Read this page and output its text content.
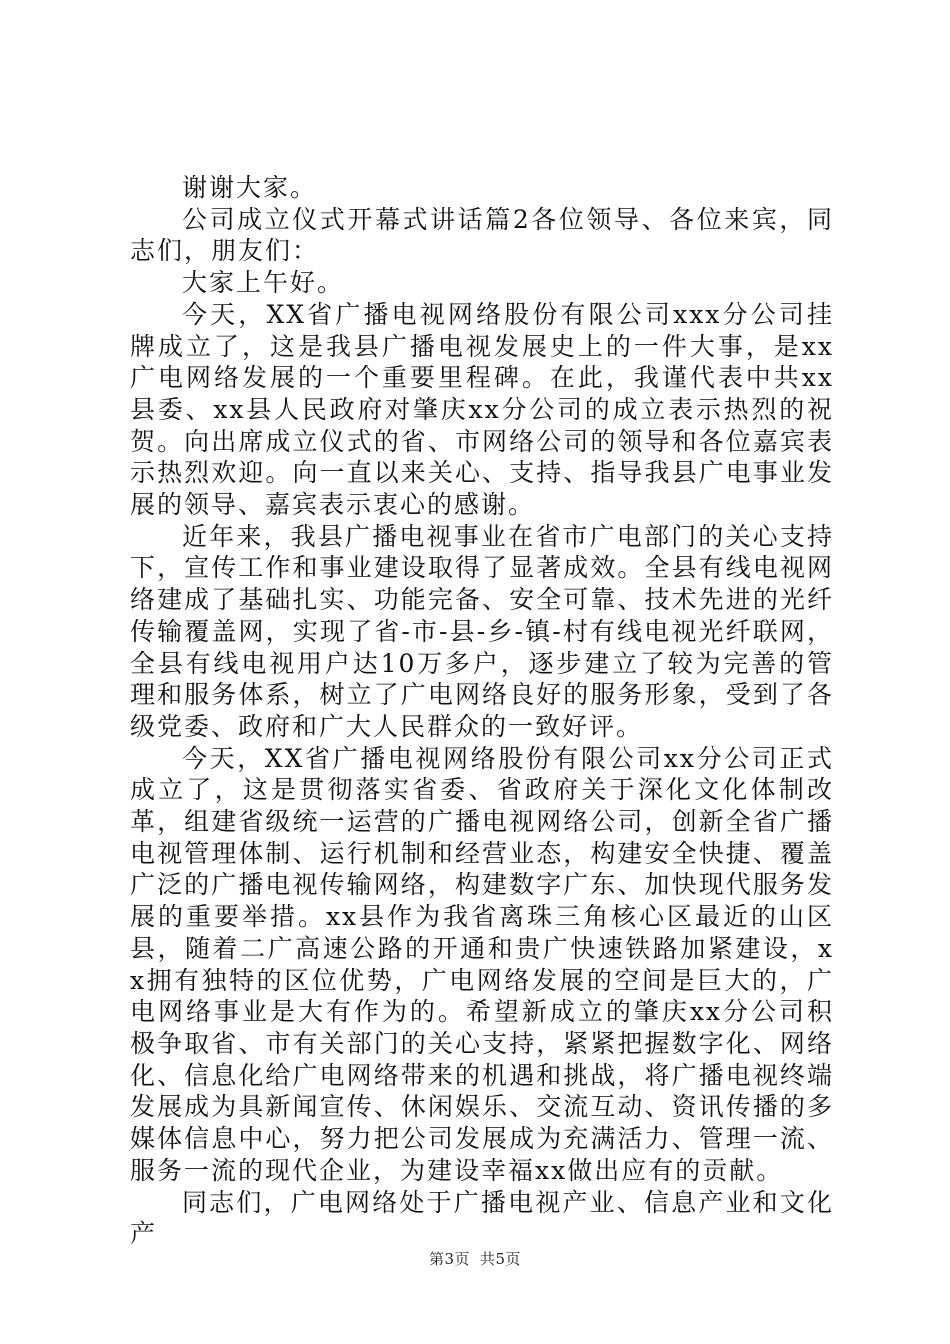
谢谢大家。

公司成立仪式开幕式讲话篇2各位领导、各位来宾，同志们，朋友们：

大家上午好。

今天，XX省广播电视网络股份有限公司xxx分公司挂牌成立了，这是我县广播电视发展史上的一件大事，是xx广电网络发展的一个重要里程碑。在此，我谨代表中共xx县委、xx县人民政府对肇庆xx分公司的成立表示热烈的祝贺。向出席成立仪式的省、市网络公司的领导和各位嘉宾表示热烈欢迎。向一直以来关心、支持、指导我县广电事业发展的领导、嘉宾表示衷心的感谢。

近年来，我县广播电视事业在省市广电部门的关心支持下，宣传工作和事业建设取得了显著成效。全县有线电视网络建成了基础扎实、功能完备、安全可靠、技术先进的光纤传输覆盖网，实现了省-市-县-乡-镇-村有线电视光纤联网，全县有线电视用户达10万多户，逐步建立了较为完善的管理和服务体系，树立了广电网络良好的服务形象，受到了各级党委、政府和广大人民群众的一致好评。

今天，XX省广播电视网络股份有限公司xx分公司正式成立了，这是贯彻落实省委、省政府关于深化文化体制改革，组建省级统一运营的广播电视网络公司，创新全省广播电视管理体制、运行机制和经营业态，构建安全快捷、覆盖广泛的广播电视传输网络，构建数字广东、加快现代服务发展的重要举措。xx县作为我省离珠三角核心区最近的山区县，随着二广高速公路的开通和贵广快速铁路加紧建设，xx拥有独特的区位优势，广电网络发展的空间是巨大的，广电网络事业是大有作为的。希望新成立的肇庆xx分公司积极争取省、市有关部门的关心支持，紧紧把握数字化、网络化、信息化给广电网络带来的机遇和挑战，将广播电视终端发展成为具新闻宣传、休闲娱乐、交流互动、资讯传播的多媒体信息中心，努力把公司发展成为充满活力、管理一流、服务一流的现代企业，为建设幸福xx做出应有的贡献。

同志们，广电网络处于广播电视产业、信息产业和文化产

第3页 共5页
